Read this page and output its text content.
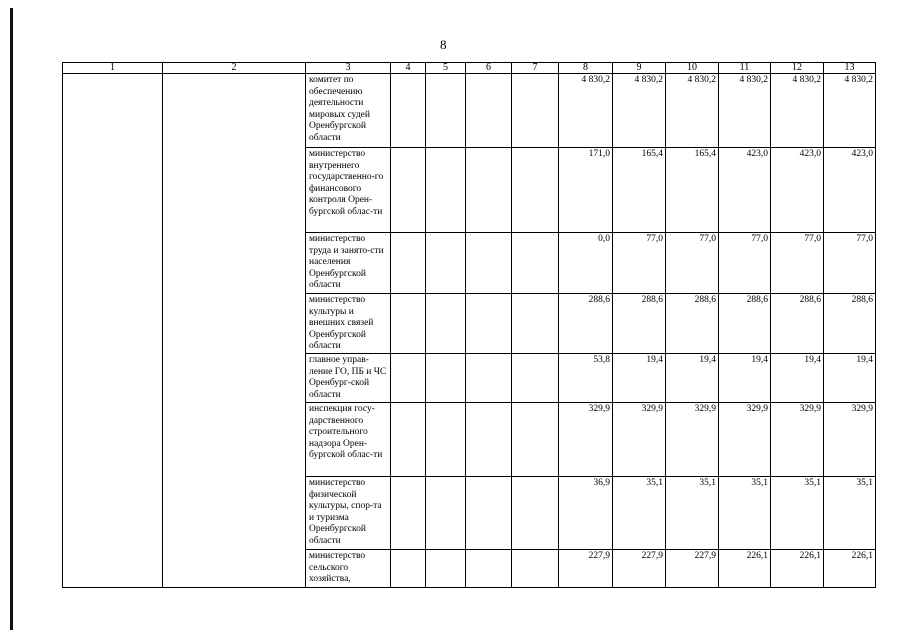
8
1	2	3	4	5	6	7	8	9	10	11	12	13
		комитет по обеспечению деятельности мировых судей Оренбургской области					4 830,2	4 830,2	4 830,2	4 830,2	4 830,2	4 830,2
		министерство внутреннего государственно-го финансового контроля Орен-бургской облас-ти					171,0	165,4	165,4	423,0	423,0	423,0
		министерство труда и занято-сти населения Оренбургской области					0,0	77,0	77,0	77,0	77,0	77,0
		министерство культуры и внешних связей Оренбургской области					288,6	288,6	288,6	288,6	288,6	288,6
		главное управ-ление ГО, ПБ и ЧС Оренбург-ской области					53,8	19,4	19,4	19,4	19,4	19,4
		инспекция госу-дарственного строительного надзора Орен-бургской облас-ти					329,9	329,9	329,9	329,9	329,9	329,9
		министерство физической культуры, спор-та и туризма Оренбургской области					36,9	35,1	35,1	35,1	35,1	35,1
		министерство сельского хозяйства,					227,9	227,9	227,9	226,1	226,1	226,1
